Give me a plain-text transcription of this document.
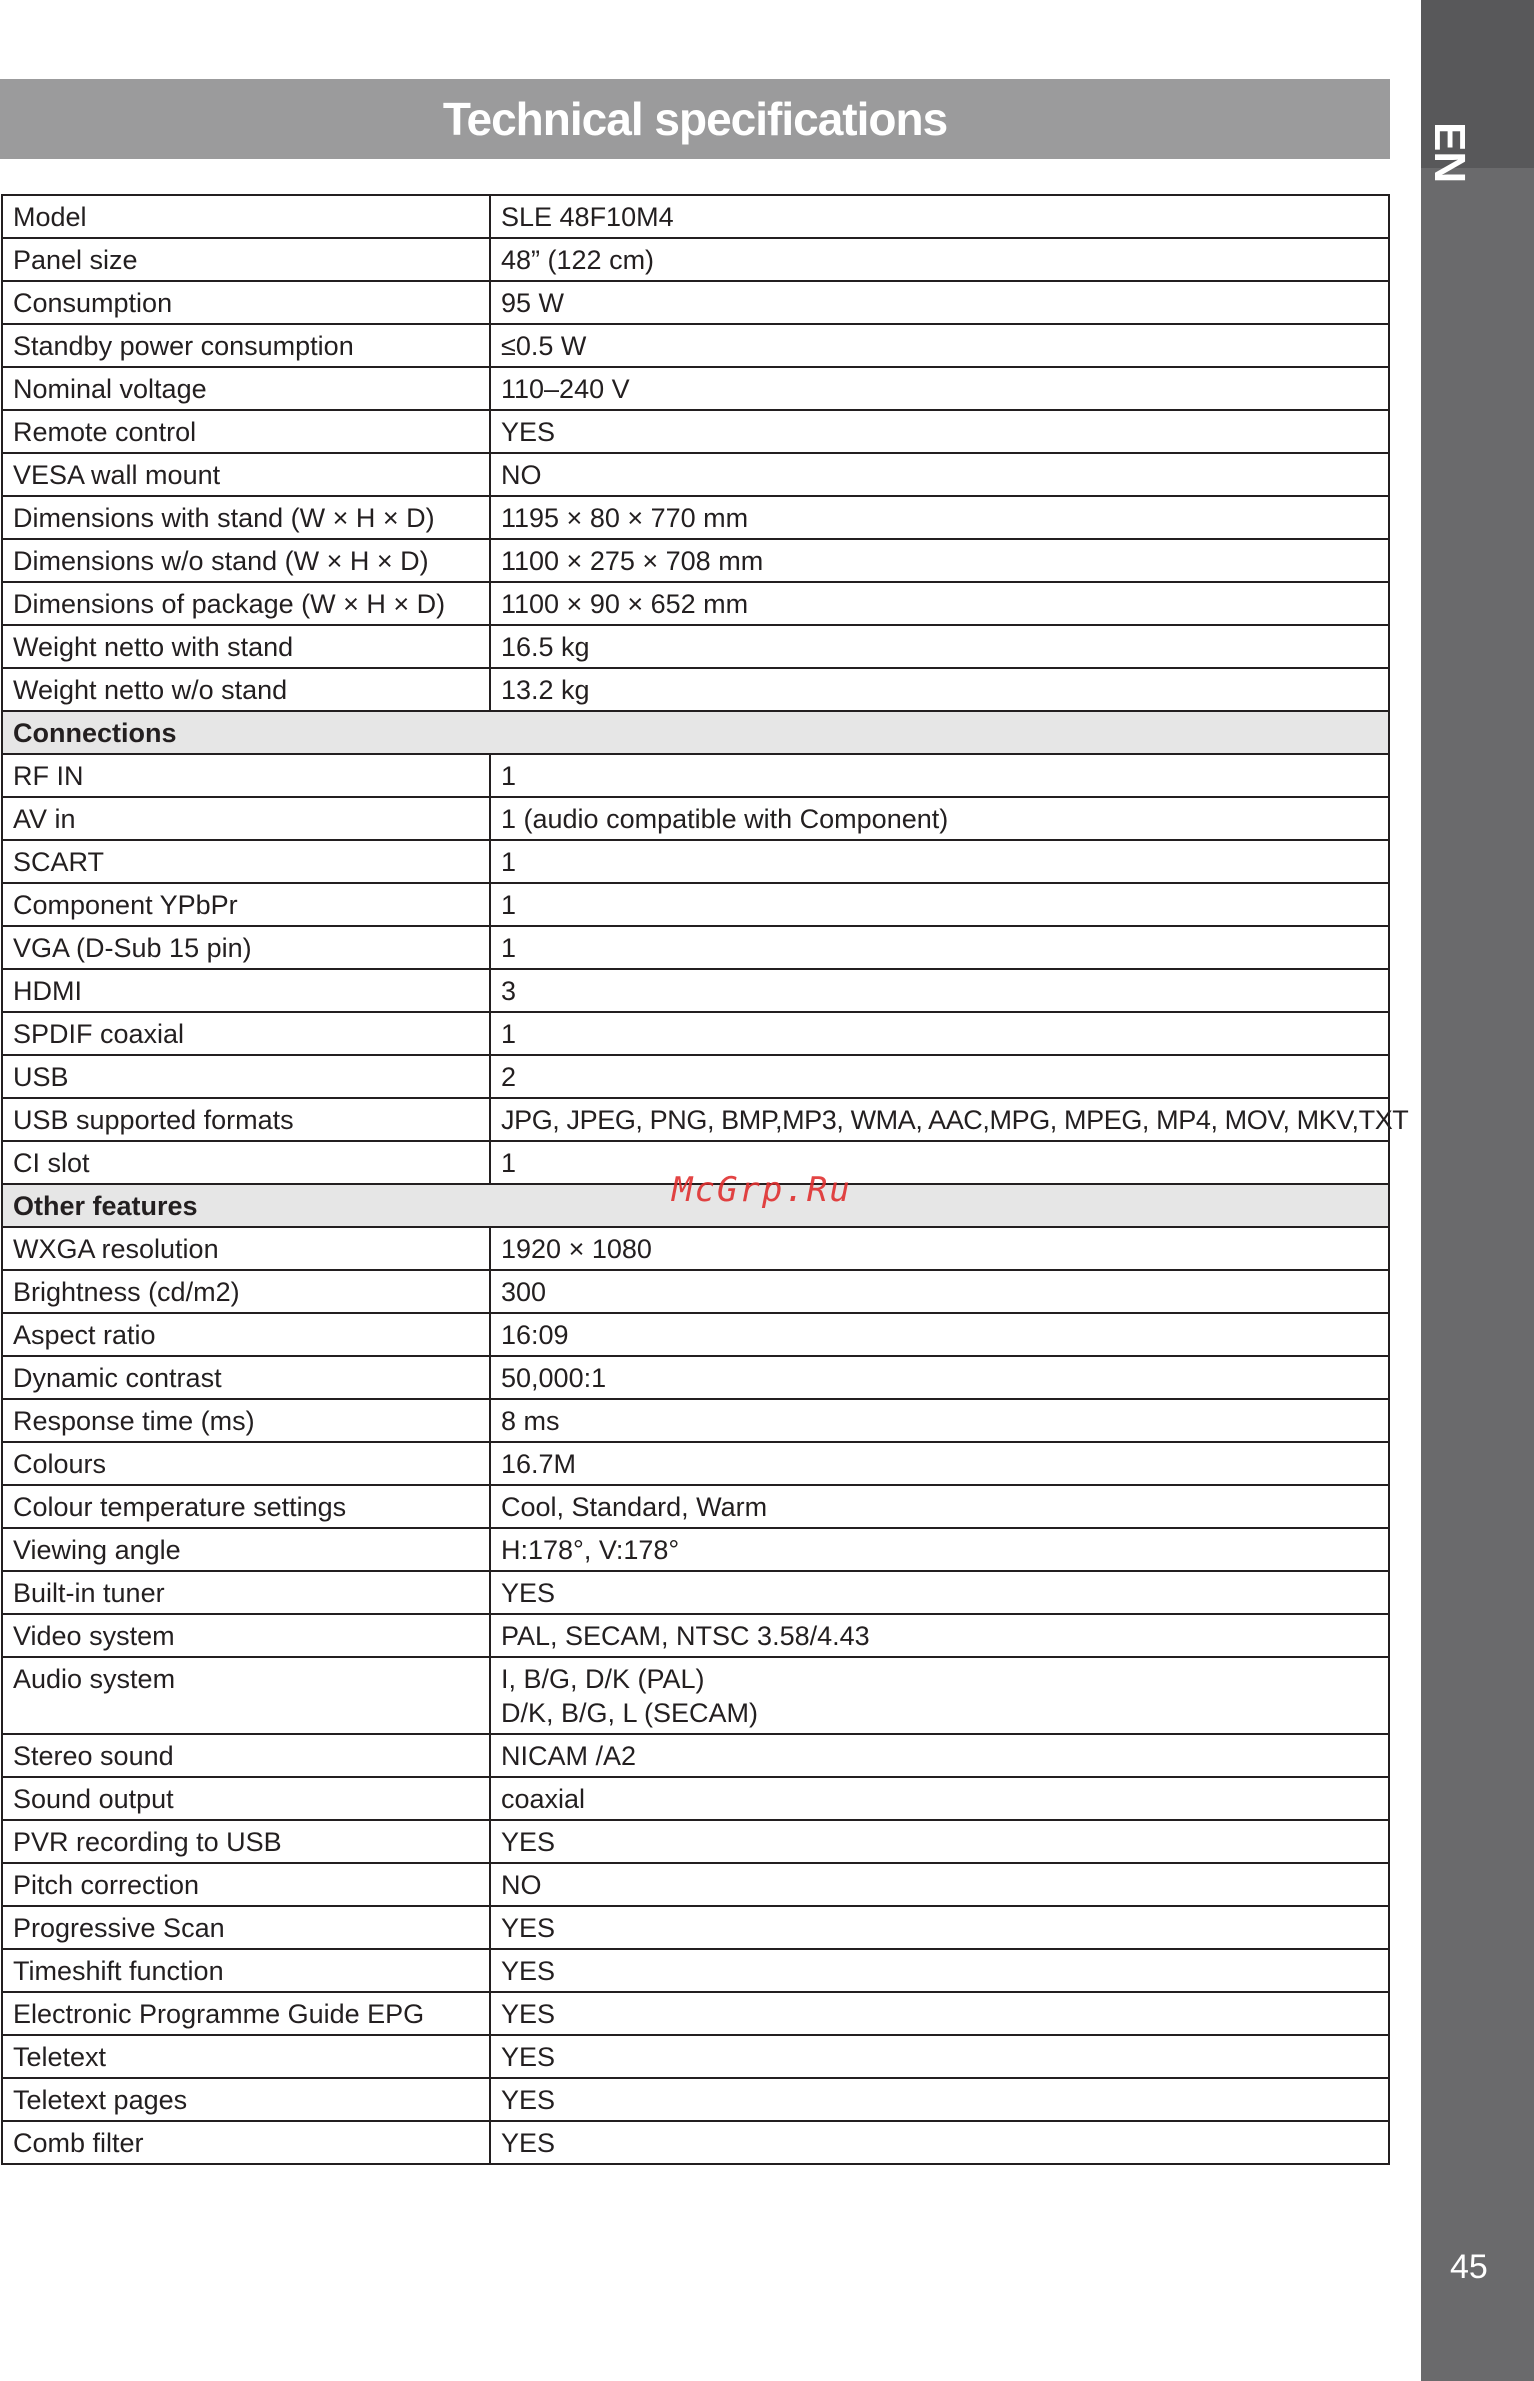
EN
Technical specifications
Model	SLE 48F10M4
Panel size	48” (122 cm)
Consumption	95 W
Standby power consumption	≤0.5 W
Nominal voltage	110–240 V
Remote control	YES
VESA wall mount	NO
Dimensions with stand (W × H × D)	1195 × 80 × 770 mm
Dimensions w/o stand (W × H × D)	1100 × 275 × 708 mm
Dimensions of package (W × H × D)	1100 × 90 × 652 mm
Weight netto with stand	16.5 kg
Weight netto w/o stand	13.2 kg
Connections	
RF IN	1
AV in	1 (audio compatible with Component)
SCART	1
Component YPbPr	1
VGA (D-Sub 15 pin)	1
HDMI	3
SPDIF coaxial	1
USB	2
USB supported formats	JPG, JPEG, PNG, BMP,MP3, WMA, AAC,MPG, MPEG, MP4, MOV, MKV,TXT
CI slot	1
Other features	
WXGA resolution	1920 × 1080
Brightness (cd/m2)	300
Aspect ratio	16:09
Dynamic contrast	50,000:1
Response time (ms)	8 ms
Colours	16.7M
Colour temperature settings	Cool, Standard, Warm
Viewing angle	H:178°, V:178°
Built-in tuner	YES
Video system	PAL, SECAM, NTSC 3.58/4.43
Audio system	I, B/G, D/K (PAL)
D/K, B/G, L (SECAM)

Stereo sound	NICAM /A2
Sound output	coaxial
PVR recording to USB	YES
Pitch correction	NO
Progressive Scan	YES
Timeshift function	YES
Electronic Programme Guide EPG	YES
Teletext	YES
Teletext pages	YES
Comb filter	YES
McGrp.Ru
45
